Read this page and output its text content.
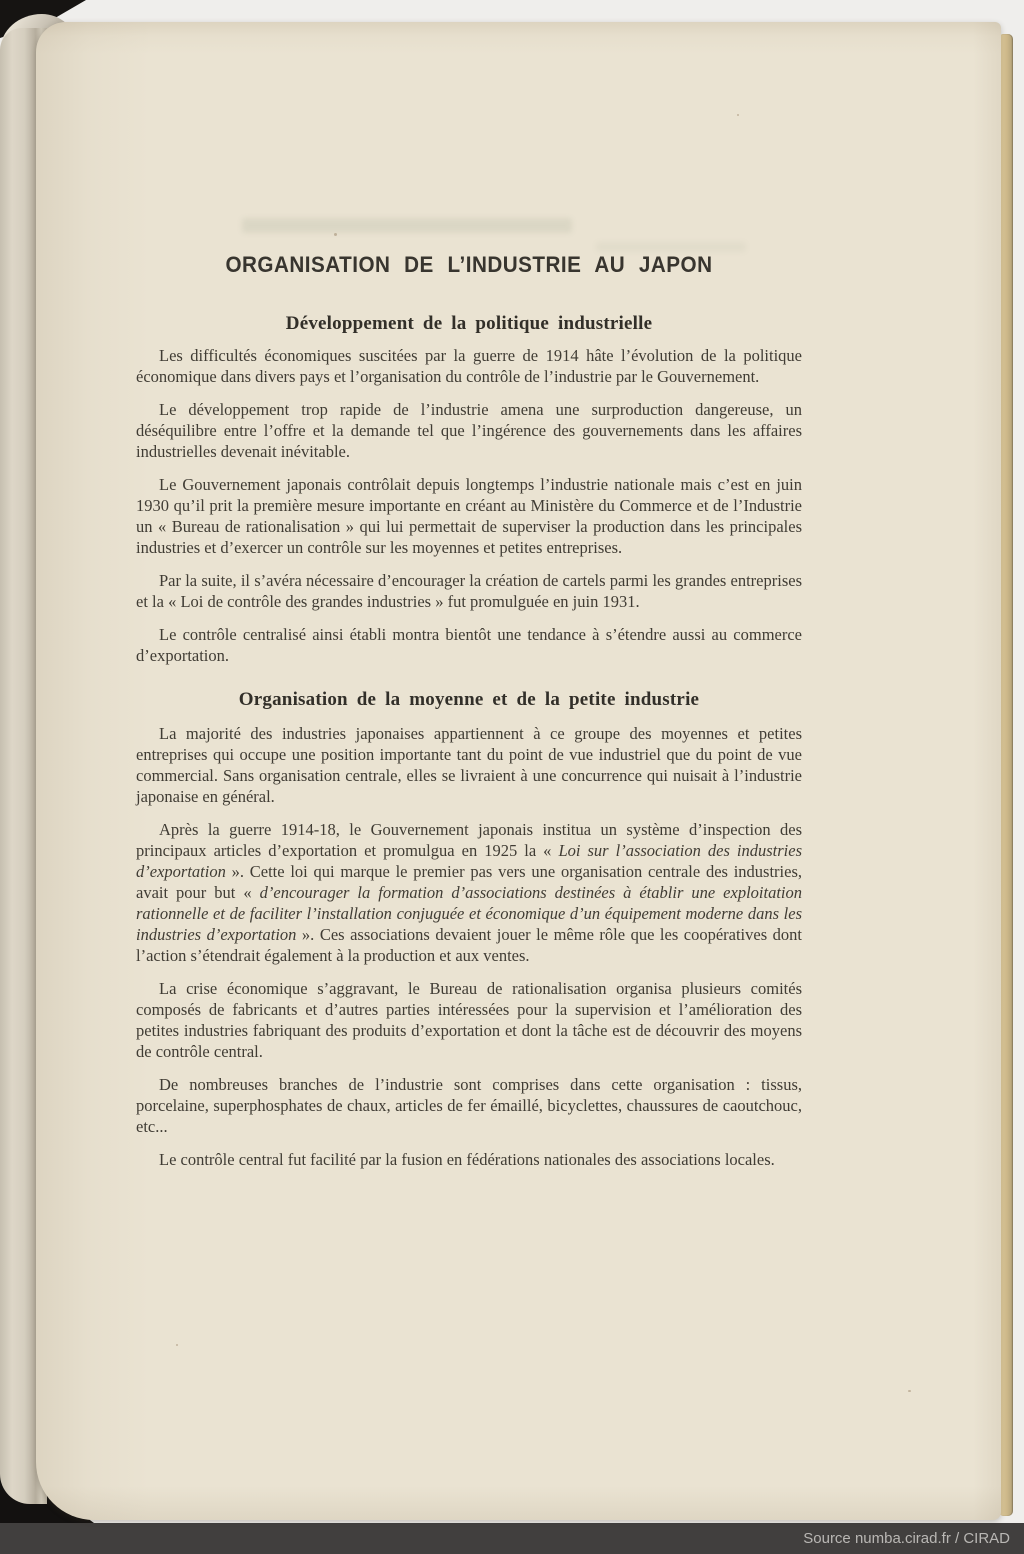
ORGANISATION DE L’INDUSTRIE AU JAPON
Développement de la politique industrielle

Les difficultés économiques suscitées par la guerre de 1914 hâte l’évolution de la politique économique dans divers pays et l’organisation du contrôle de l’industrie par le Gouvernement.

Le développement trop rapide de l’industrie amena une surproduction dangereuse, un déséquilibre entre l’offre et la demande tel que l’ingérence des gouvernements dans les affaires industrielles devenait inévitable.

Le Gouvernement japonais contrôlait depuis longtemps l’industrie nationale mais c’est en juin 1930 qu’il prit la première mesure importante en créant au Ministère du Commerce et de l’Industrie un « Bureau de rationalisation » qui lui permettait de superviser la production dans les principales industries et d’exercer un contrôle sur les moyennes et petites entreprises.

Par la suite, il s’avéra nécessaire d’encourager la création de cartels parmi les grandes entreprises et la « Loi de contrôle des grandes industries » fut promulguée en juin 1931.

Le contrôle centralisé ainsi établi montra bientôt une tendance à s’étendre aussi au commerce d’exportation.

Organisation de la moyenne et de la petite industrie

La majorité des industries japonaises appartiennent à ce groupe des moyennes et petites entreprises qui occupe une position importante tant du point de vue industriel que du point de vue commercial. Sans organisation centrale, elles se livraient à une concurrence qui nuisait à l’industrie japonaise en général.

Après la guerre 1914-18, le Gouvernement japonais institua un système d’inspection des principaux articles d’exportation et promulgua en 1925 la « Loi sur l’association des industries d’exportation ». Cette loi qui marque le premier pas vers une organisation centrale des industries, avait pour but « d’encourager la formation d’associations destinées à établir une exploitation rationnelle et de faciliter l’installation conjuguée et économique d’un équipement moderne dans les industries d’exportation ». Ces associations devaient jouer le même rôle que les coopératives dont l’action s’étendrait également à la production et aux ventes.

La crise économique s’aggravant, le Bureau de rationalisation organisa plusieurs comités composés de fabricants et d’autres parties intéressées pour la supervision et l’amélioration des petites industries fabriquant des produits d’exportation et dont la tâche est de découvrir des moyens de contrôle central.

De nombreuses branches de l’industrie sont comprises dans cette organisation : tissus, porcelaine, superphosphates de chaux, articles de fer émaillé, bicyclettes, chaussures de caoutchouc, etc...

Le contrôle central fut facilité par la fusion en fédérations nationales des associations locales.

Source numba.cirad.fr / CIRAD
